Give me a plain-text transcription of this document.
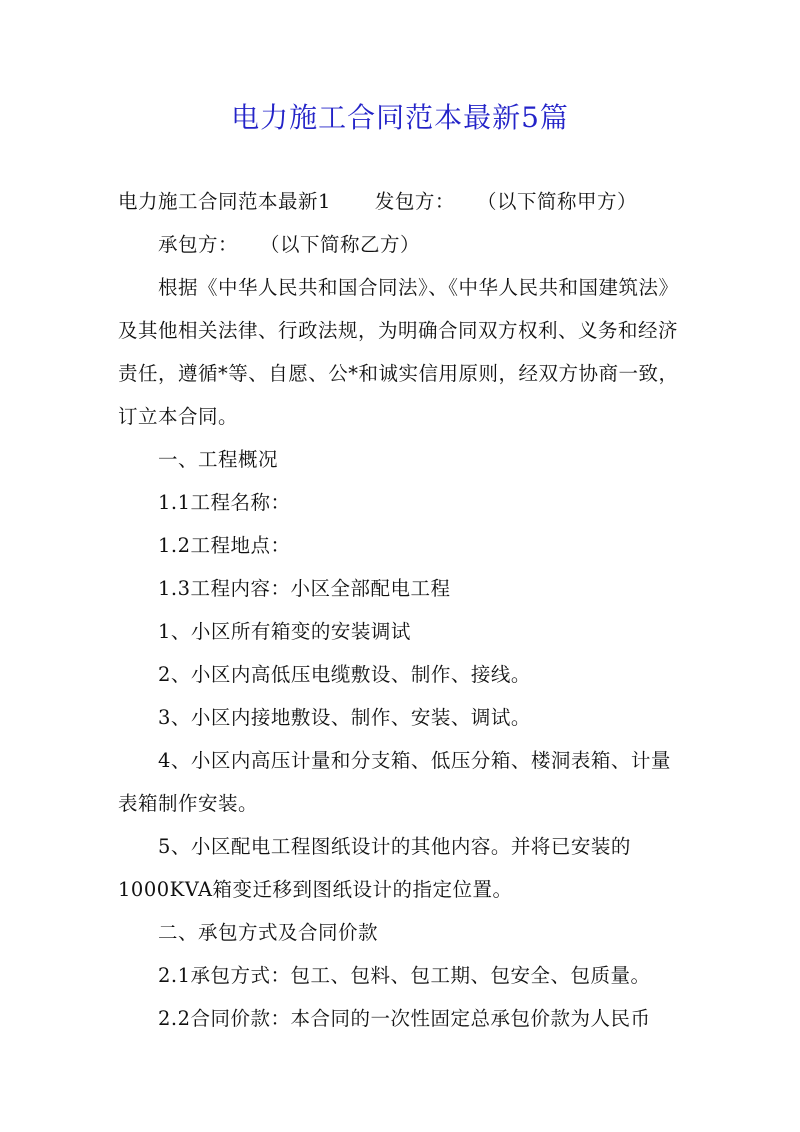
电力施工合同范本最新5篇

电力施工合同范本最新1 发包方： （以下简称甲方）

承包方： （以下简称乙方）

根据《中华人民共和国合同法》、《中华人民共和国建筑法》

及其他相关法律、行政法规，为明确合同双方权利、义务和经济

责任，遵循*等、自愿、公*和诚实信用原则，经双方协商一致，

订立本合同。

一、工程概况

1.1工程名称：

1.2工程地点：

1.3工程内容：小区全部配电工程

1、小区所有箱变的安装调试

2、小区内高低压电缆敷设、制作、接线。

3、小区内接地敷设、制作、安装、调试。

4、小区内高压计量和分支箱、低压分箱、楼洞表箱、计量

表箱制作安装。

5、小区配电工程图纸设计的其他内容。并将已安装的

1000KVA箱变迁移到图纸设计的指定位置。

二、承包方式及合同价款

2.1承包方式：包工、包料、包工期、包安全、包质量。

2.2合同价款：本合同的一次性固定总承包价款为人民币
